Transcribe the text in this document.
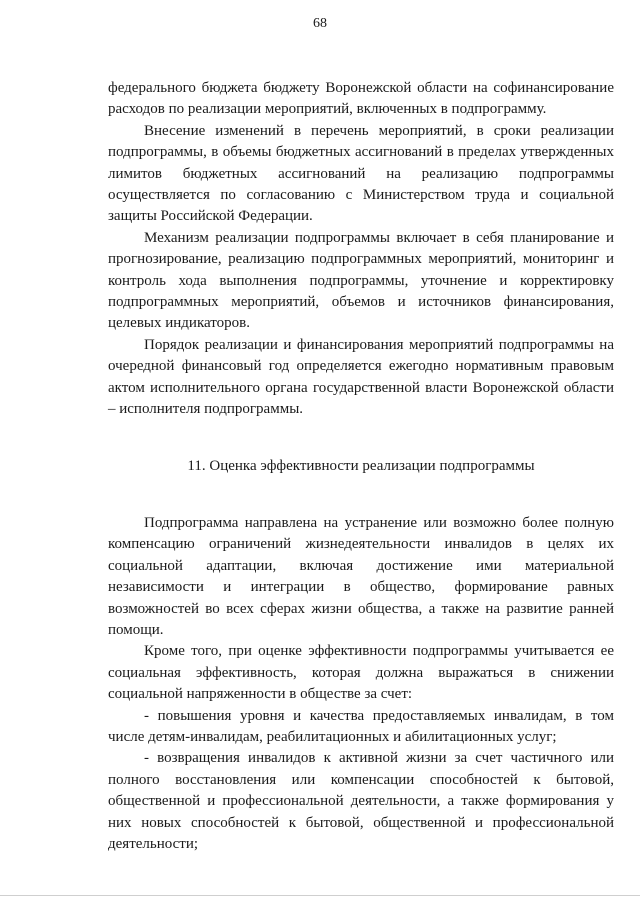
68

федерального бюджета бюджету Воронежской области на софинансирование расходов по реализации мероприятий, включенных в подпрограмму.

Внесение изменений в перечень мероприятий, в сроки реализации подпрограммы, в объемы бюджетных ассигнований в пределах утвержденных лимитов бюджетных ассигнований на реализацию подпрограммы осуществляется по согласованию с Министерством труда и социальной защиты Российской Федерации.

Механизм реализации подпрограммы включает в себя планирование и прогнозирование, реализацию подпрограммных мероприятий, мониторинг и контроль хода выполнения подпрограммы, уточнение и корректировку подпрограммных мероприятий, объемов и источников финансирования, целевых индикаторов.

Порядок реализации и финансирования мероприятий подпрограммы на очередной финансовый год определяется ежегодно нормативным правовым актом исполнительного органа государственной власти Воронежской области – исполнителя подпрограммы.

11. Оценка эффективности реализации подпрограммы

Подпрограмма направлена на устранение или возможно более полную компенсацию ограничений жизнедеятельности инвалидов в целях их социальной адаптации, включая достижение ими материальной независимости и интеграции в общество, формирование равных возможностей во всех сферах жизни общества, а также на развитие ранней помощи.

Кроме того, при оценке эффективности подпрограммы учитывается ее социальная эффективность, которая должна выражаться в снижении социальной напряженности в обществе за счет:

- повышения уровня и качества предоставляемых инвалидам, в том числе детям-инвалидам, реабилитационных и абилитационных услуг;

- возвращения инвалидов к активной жизни за счет частичного или полного восстановления или компенсации способностей к бытовой, общественной и профессиональной деятельности, а также формирования у них новых способностей к бытовой, общественной и профессиональной деятельности;
